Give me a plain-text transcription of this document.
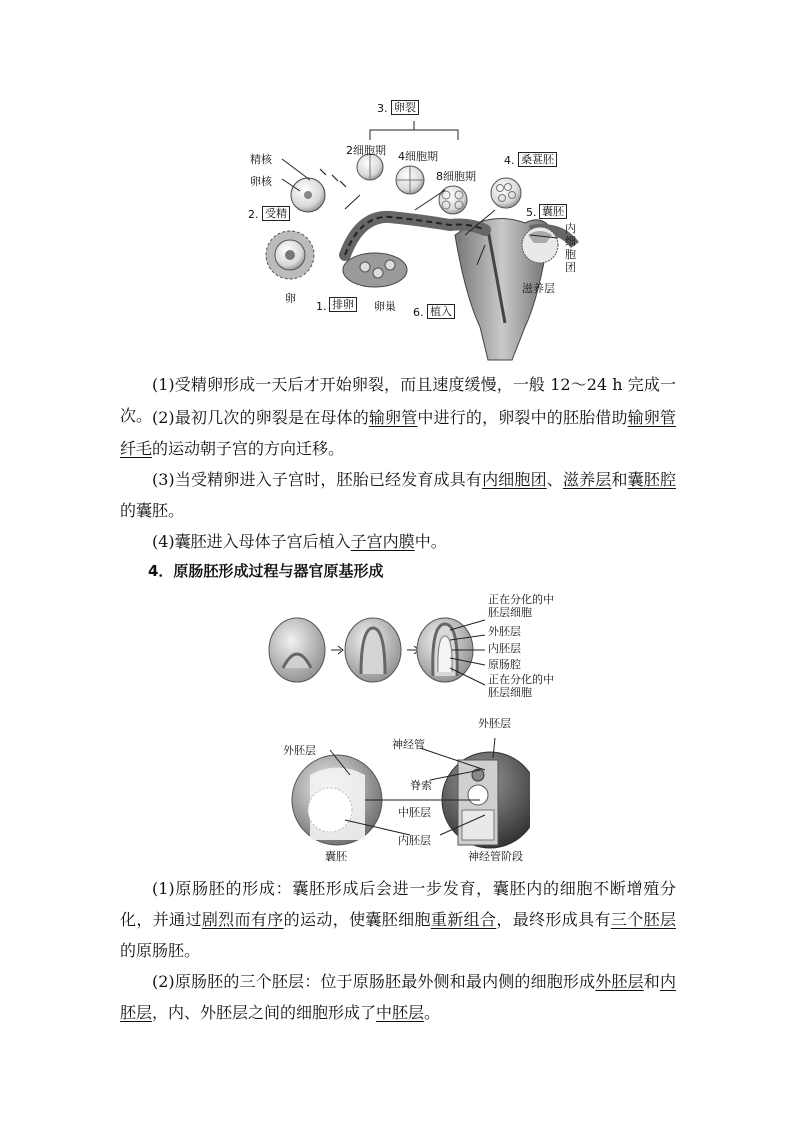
3. 卵裂
2细胞期 4细胞期
8细胞期
精核
卵核
2. 受精
4. 桑葚胚
5. 囊胚
内细胞团
滋养层
卵
1. 排卵 卵巢 6. 植入

(1)受精卵形成一天后才开始卵裂，而且速度缓慢，一般 12～24 h 完成一次。 (2)最初几次的卵裂是在母体的输卵管中进行的，卵裂中的胚胎借助输卵管纤毛的运动朝子宫的方向迁移。

(3)当受精卵进入子宫时，胚胎已经发育成具有内细胞团、滋养层和囊胚腔的囊胚。

(4)囊胚进入母体子宫后植入子宫内膜中。

4．原肠胚形成过程与器官原基形成
正在分化的中胚层细胞
外胚层
内胚层
原肠腔
正在分化的中胚层细胞
外胚层	神经管
外胚层
脊索
中胚层
内胚层
囊胚	神经管阶段

(1)原肠胚的形成：囊胚形成后会进一步发育，囊胚内的细胞不断增殖分化，并通过剧烈而有序的运动，使囊胚细胞重新组合，最终形成具有三个胚层的原肠胚。

(2)原肠胚的三个胚层：位于原肠胚最外侧和最内侧的细胞形成外胚层和内胚层，内、外胚层之间的细胞形成了中胚层。
